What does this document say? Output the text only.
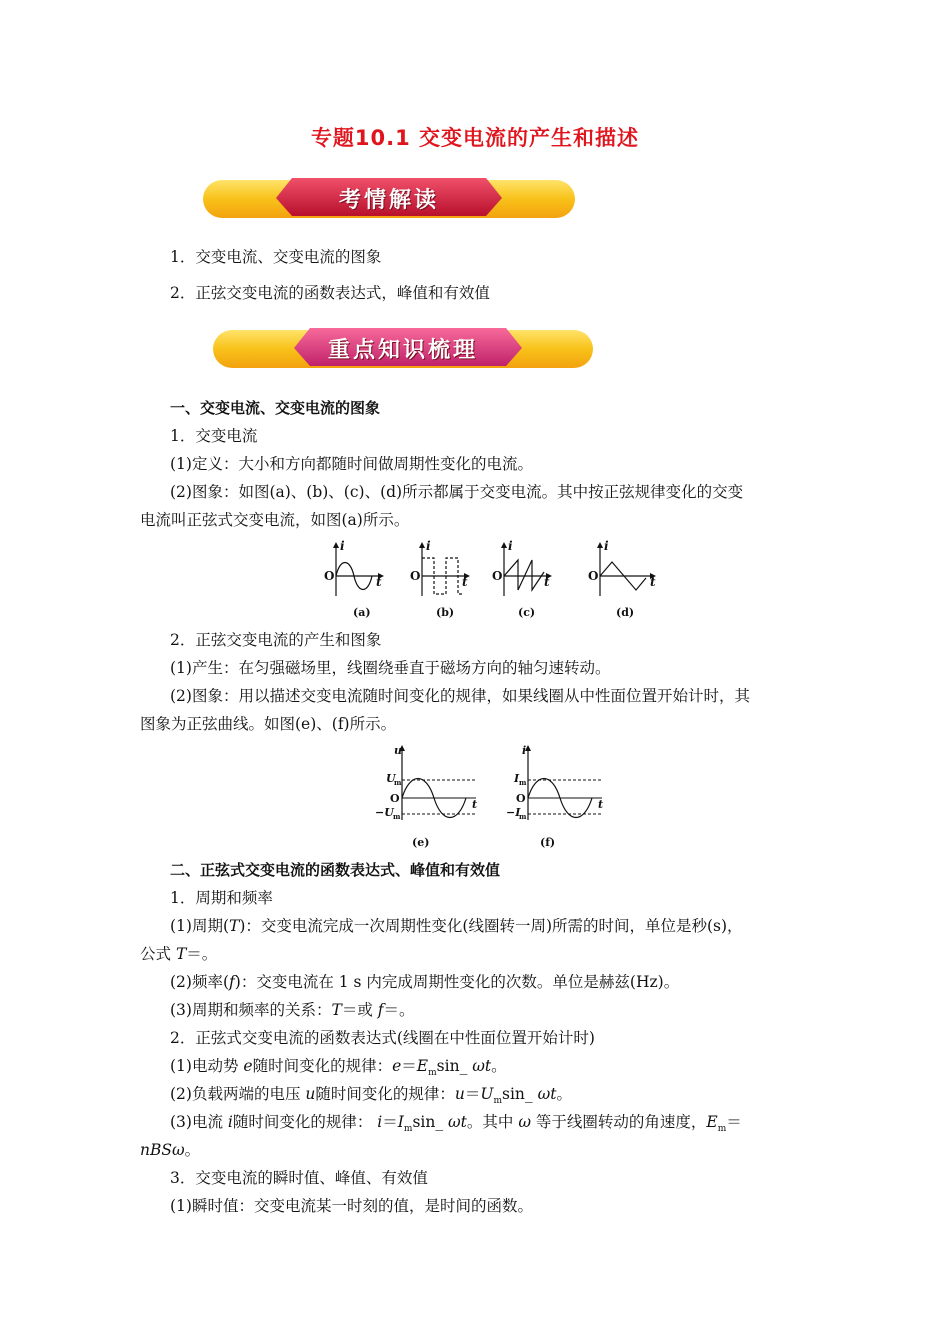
专题10.1 交变电流的产生和描述
考情解读
1．交变电流、交变电流的图象
2．正弦交变电流的函数表达式，峰值和有效值
重点知识梳理
一、交变电流、交变电流的图象
1．交变电流
(1)定义：大小和方向都随时间做周期性变化的电流。
(2)图象：如图(a)、(b)、(c)、(d)所示都属于交变电流。其中按正弦规律变化的交变
电流叫正弦式交变电流，如图(a)所示。
i
O	t
(a)
i
O	t
(b)
i
O	t
(c)
i
O	t
(d)
2．正弦交变电流的产生和图象
(1)产生：在匀强磁场里，线圈绕垂直于磁场方向的轴匀速转动。
(2)图象：用以描述交变电流随时间变化的规律，如果线圈从中性面位置开始计时，其
图象为正弦曲线。如图(e)、(f)所示。
u
U
m
O
−U m
t
(e)
i
I m
O
−I
m
t
(f)
二、正弦式交变电流的函数表达式、峰值和有效值
1．周期和频率
(1)周期(T)：交变电流完成一次周期性变化(线圈转一周)所需的时间，单位是秒(s)，
公式 T＝。
(2)频率(f)：交变电流在 1 s 内完成周期性变化的次数。单位是赫兹(Hz)。
(3)周期和频率的关系：T＝或 f＝。
2．正弦式交变电流的函数表达式(线圈在中性面位置开始计时)
(1)电动势 e随时间变化的规律：$e=E_m\sin\_$ ωt。
(2)负载两端的电压 u随时间变化的规律：$u=U_m\sin\_$ ωt。
(3)电流 i随时间变化的规律： $i=I_m\sin\_$ ωt。其中 ω 等于线圈转动的角速度，$E_m=$
nBSω。
3．交变电流的瞬时值、峰值、有效值
(1)瞬时值：交变电流某一时刻的值，是时间的函数。
